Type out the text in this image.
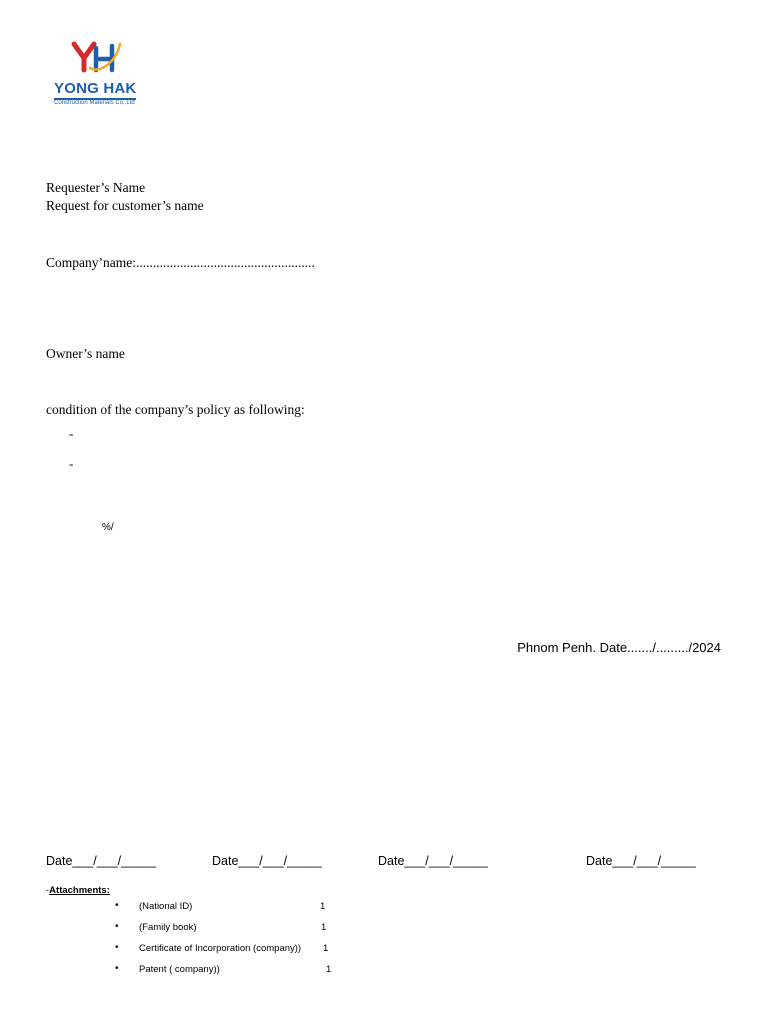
YONG HAK
Construction Materials Co.,Ltd
Requester’s Name
Request for customer’s name
Company’name:.....................................................
Owner’s name
condition of the company’s policy as following:
-
-
%/
Phnom Penh. Date......./........./2024
Date___/___/_____	Date___/___/_____	Date___/___/_____	Date___/___/_____
-Attachments:
• (National ID)	1
• (Family book)	1
• Certificate of Incorporation (company)) 1
• Patent ( company))	1
